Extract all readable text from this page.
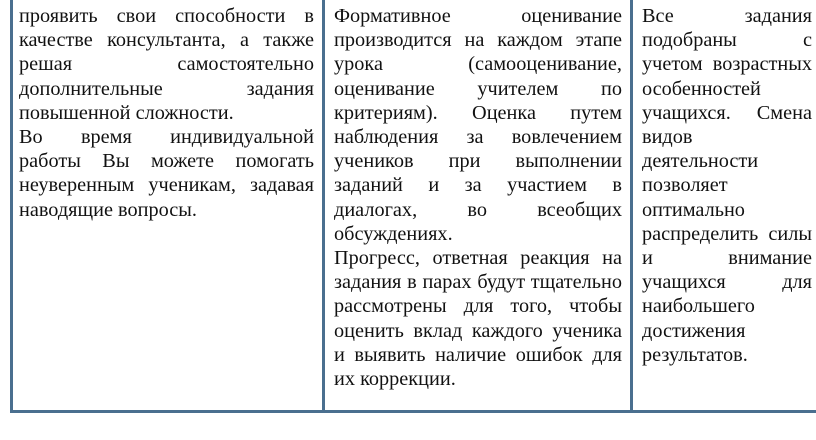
проявить свои способности в качестве консультанта, а также решая самостоятельно дополнительные задания повышенной сложности.

Во время индивидуальной работы Вы можете помогать неуверенным ученикам, задавая наводящие вопросы.

Формативное оценивание производится на каждом этапе урока (самооценивание, оценивание учителем по критериям). Оценка путем наблюдения за вовлечением учеников при выполнении заданий и за участием в диалогах, во всеобщих обсуждениях.

Прогресс, ответная реакция на задания в парах будут тщательно рассмотрены для того, чтобы оценить вклад каждого ученика и выявить наличие ошибок для их коррекции.

Все задания подобраны с учетом возрастных особенностей учащихся. Смена видов деятельности позволяет оптимально распределить силы и внимание учащихся для наибольшего достижения результатов.
